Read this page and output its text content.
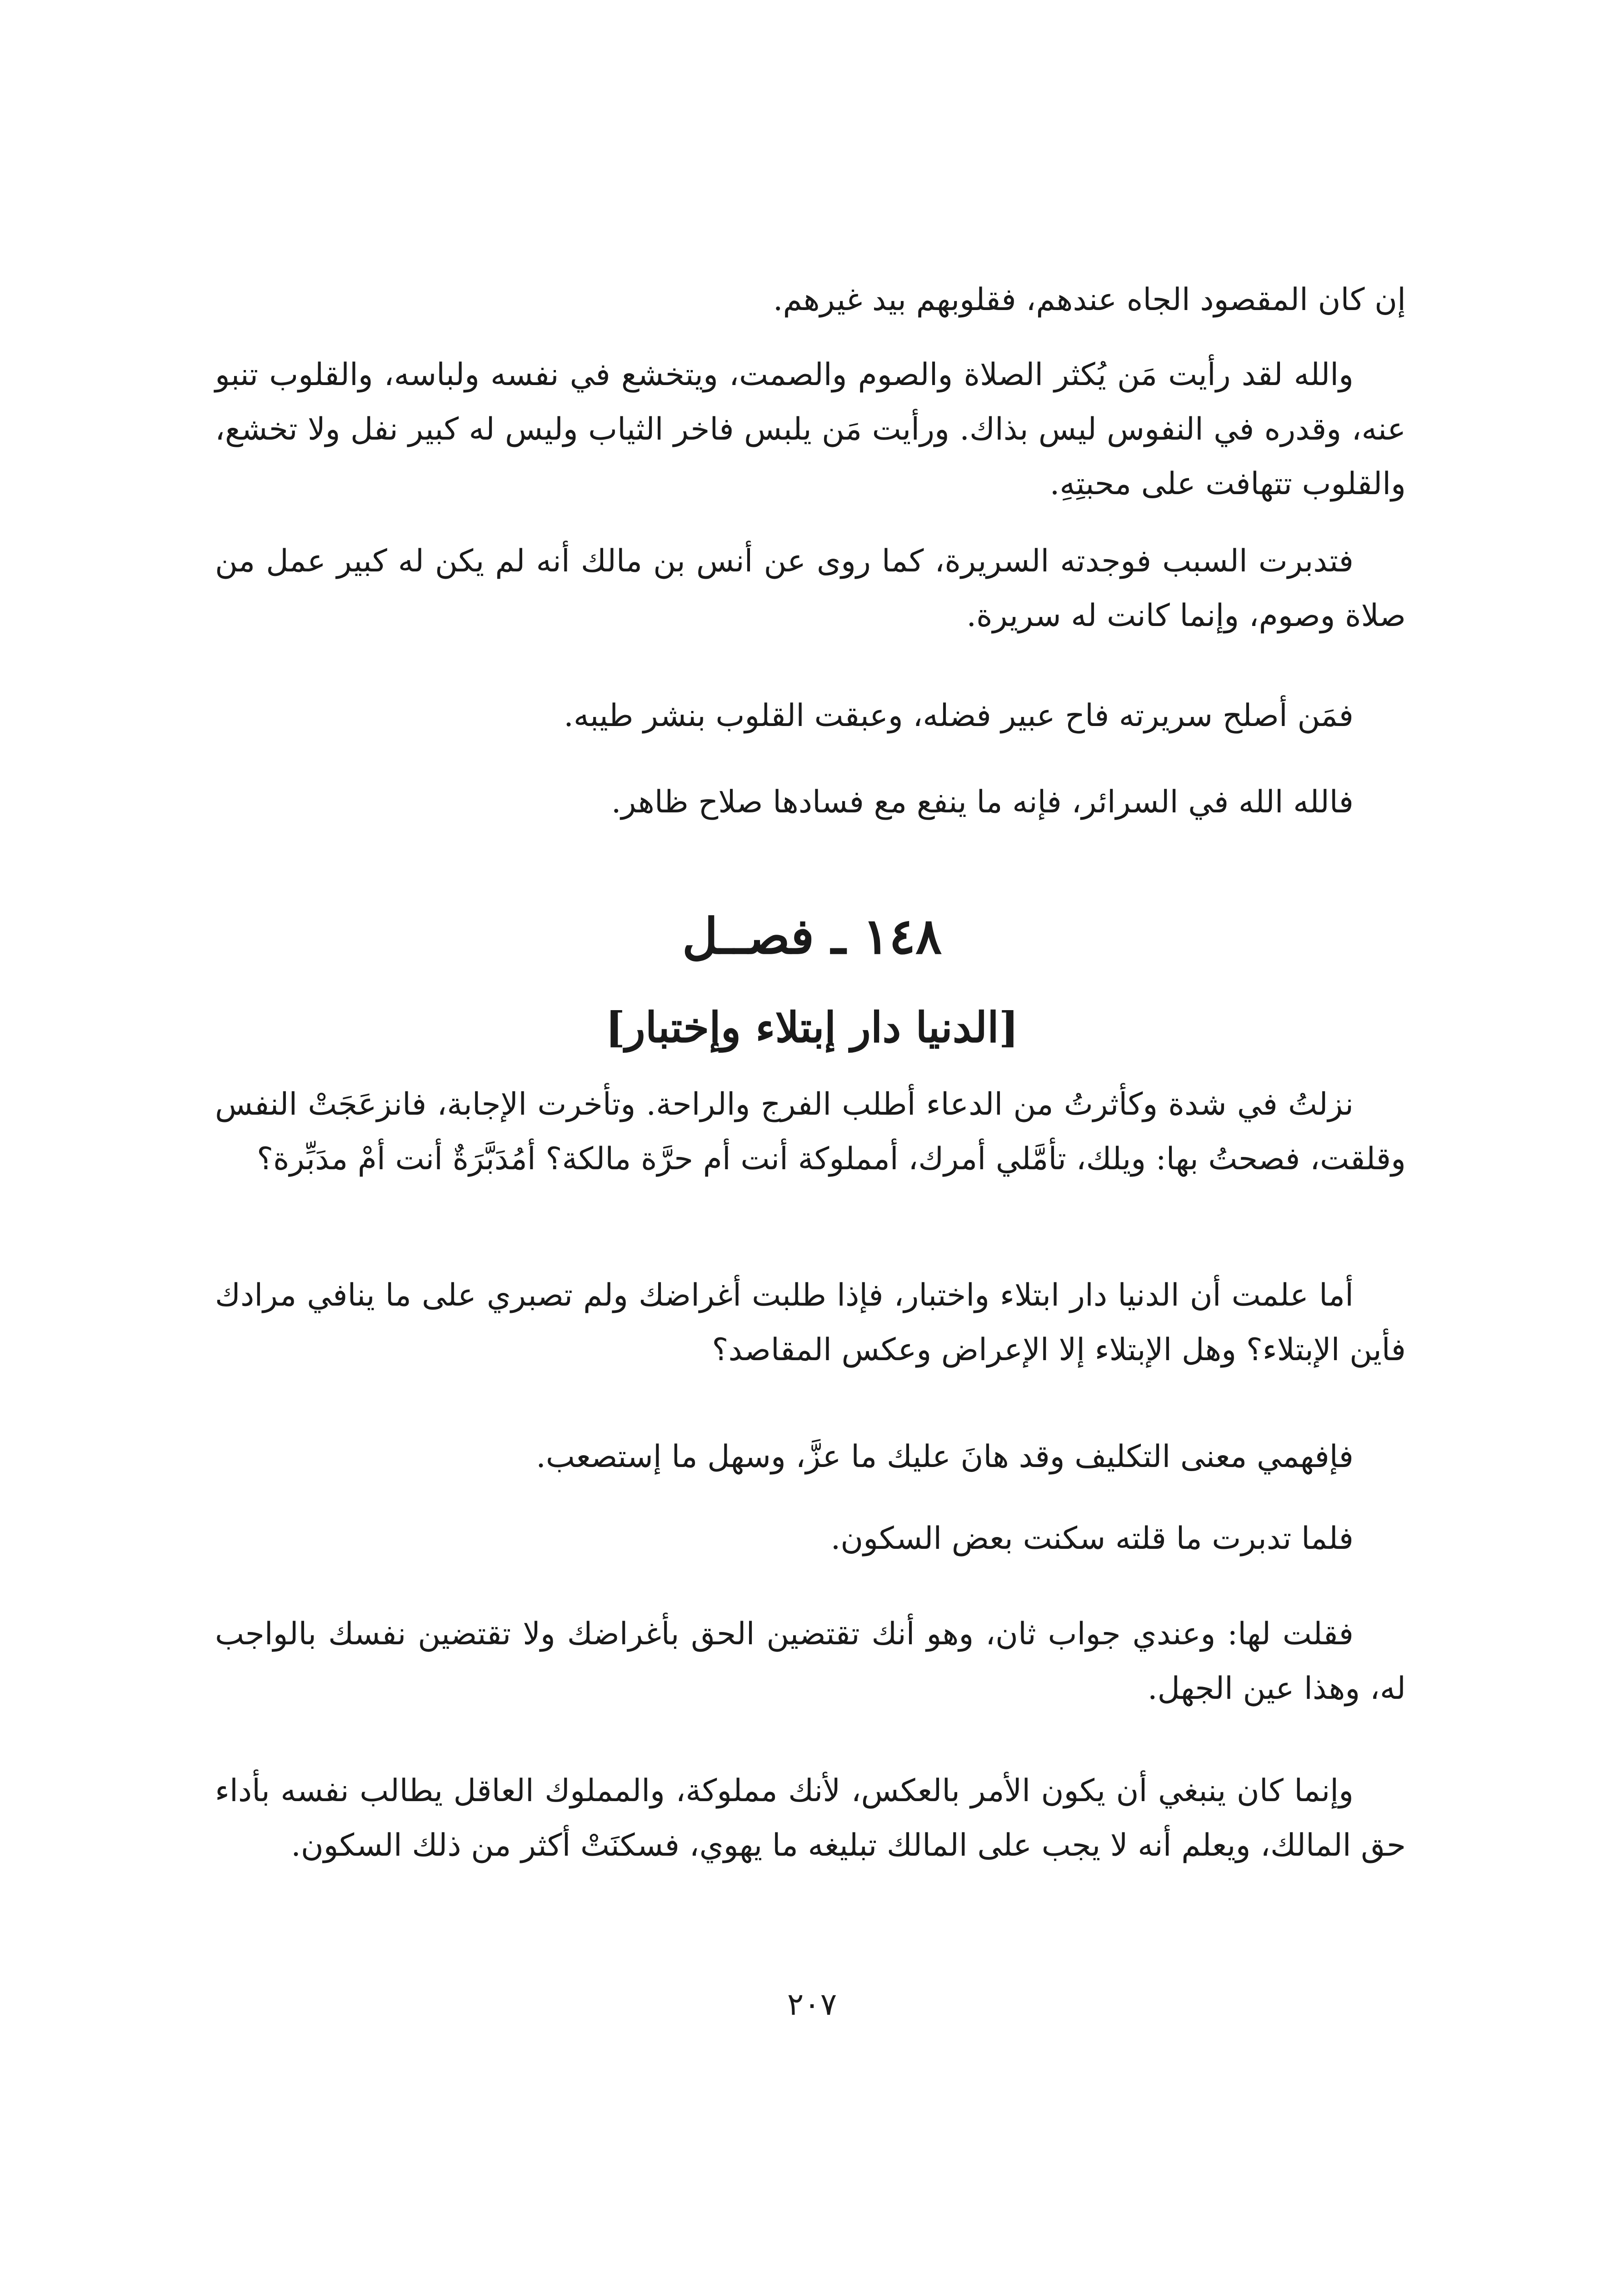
إن كان المقصود الجاه عندهم، فقلوبهم بيد غيرهم.

والله لقد رأيت مَن يُكثر الصلاة والصوم والصمت، ويتخشع في نفسه ولباسه، والقلوب تنبو عنه، وقدره في النفوس ليس بذاك. ورأيت مَن يلبس فاخر الثياب وليس له كبير نفل ولا تخشع، والقلوب تتهافت على محبتِهِ.

فتدبرت السبب فوجدته السريرة، كما روى عن أنس بن مالك أنه لم يكن له كبير عمل من صلاة وصوم، وإنما كانت له سريرة.

فمَن أصلح سريرته فاح عبير فضله، وعبقت القلوب بنشر طيبه.

فالله الله في السرائر، فإنه ما ينفع مع فسادها صلاح ظاهر.

١٤٨ ـ فصــل
[الدنيا دار إبتلاء وإختبار]

نزلتُ في شدة وكأثرتُ من الدعاء أطلب الفرج والراحة. وتأخرت الإجابة، فانزعَجَتْ النفس وقلقت، فصحتُ بها: ويلك، تأمَّلي أمرك، أمملوكة أنت أم حرَّة مالكة؟ أمُدَبَّرَةٌ أنت أمْ مدَبِّرة؟

أما علمت أن الدنيا دار ابتلاء واختبار، فإذا طلبت أغراضك ولم تصبري على ما ينافي مرادك فأين الإبتلاء؟ وهل الإبتلاء إلا الإعراض وعكس المقاصد؟

فإفهمي معنى التكليف وقد هانَ عليك ما عزَّ، وسهل ما إستصعب.

فلما تدبرت ما قلته سكنت بعض السكون.

فقلت لها: وعندي جواب ثان، وهو أنك تقتضين الحق بأغراضك ولا تقتضين نفسك بالواجب له، وهذا عين الجهل.

وإنما كان ينبغي أن يكون الأمر بالعكس، لأنك مملوكة، والمملوك العاقل يطالب نفسه بأداء حق المالك، ويعلم أنه لا يجب على المالك تبليغه ما يهوي، فسكنَتْ أكثر من ذلك السكون.

٢٠٧
